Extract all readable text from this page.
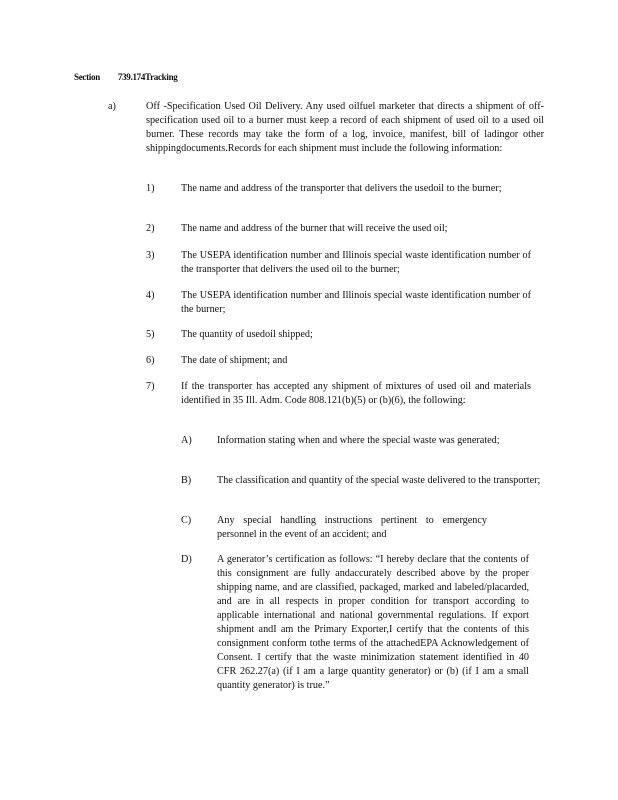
Section 739.174Tracking
a)	Off -Specification Used Oil Delivery. Any used oilfuel marketer that directs a shipment of off-specification used oil to a burner must keep a record of each shipment of used oil to a used oil burner. These records may take the form of a log, invoice, manifest, bill of ladingor other shippingdocuments.Records for each shipment must include the following information:
1)	The name and address of the transporter that delivers the usedoil to the burner;
2)	The name and address of the burner that will receive the used oil;
3)	The USEPA identification number and Illinois special waste identification number of the transporter that delivers the used oil to the burner;
4)	The USEPA identification number and Illinois special waste identification number of the burner;
5)	The quantity of usedoil shipped;
6)	The date of shipment; and
7)	If the transporter has accepted any shipment of mixtures of used oil and materials identified in 35 Ill. Adm. Code 808.121(b)(5) or (b)(6), the following:
A) Information stating when and where the special waste was generated;
B)	The classification and quantity of the special waste delivered to the transporter;
C)	Any special handling instructions pertinent to emergency personnel in the event of an accident; and
D) A generator’s certification as follows: “I hereby declare that the contents of this consignment are fully andaccurately described above by the proper shipping name, and are classified, packaged, marked and labeled/placarded, and are in all respects in proper condition for transport according to applicable international and national governmental regulations. If export shipment andI am the Primary Exporter,I certify that the contents of this consignment conform tothe terms of the attachedEPA Acknowledgement of Consent. I certify that the waste minimization statement identified in 40 CFR 262.27(a) (if I am a large quantity generator) or (b) (if I am a small quantity generator) is true.”
